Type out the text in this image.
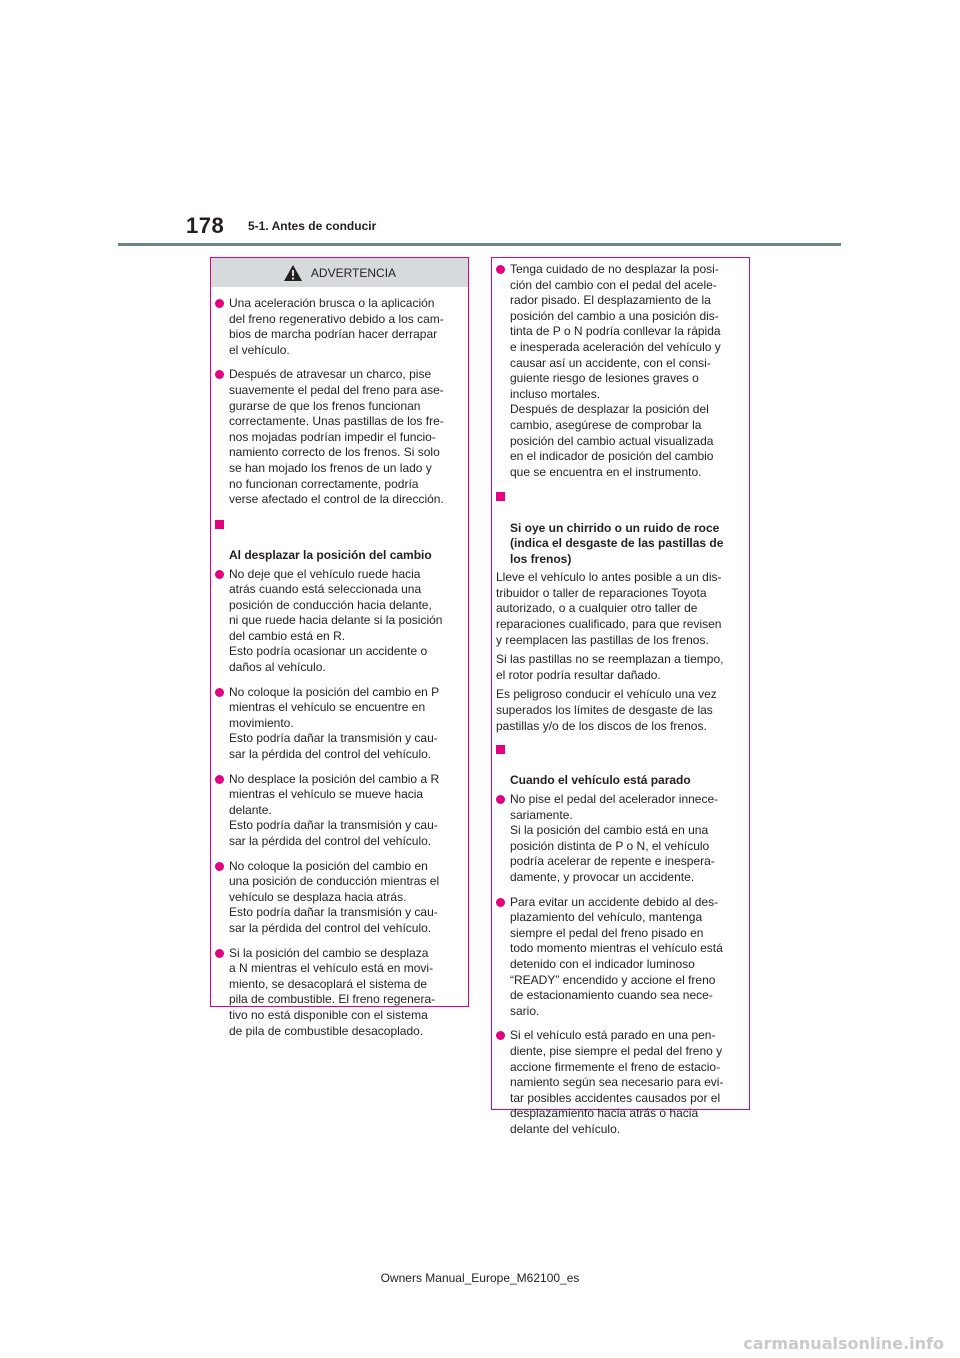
178 5-1. Antes de conducir
ADVERTENCIA
Una aceleración brusca o la aplicación
del freno regenerativo debido a los cam-
bios de marcha podrían hacer derrapar
el vehículo.
Después de atravesar un charco, pise
suavemente el pedal del freno para ase-
gurarse de que los frenos funcionan
correctamente. Unas pastillas de los fre-
nos mojadas podrían impedir el funcio-
namiento correcto de los frenos. Si solo
se han mojado los frenos de un lado y
no funcionan correctamente, podría
verse afectado el control de la dirección.

Al desplazar la posición del cambio

No deje que el vehículo ruede hacia
atrás cuando está seleccionada una
posición de conducción hacia delante,
ni que ruede hacia delante si la posición
del cambio está en R.
Esto podría ocasionar un accidente o
daños al vehículo.
No coloque la posición del cambio en P
mientras el vehículo se encuentre en
movimiento.
Esto podría dañar la transmisión y cau-
sar la pérdida del control del vehículo.
No desplace la posición del cambio a R
mientras el vehículo se mueve hacia
delante.
Esto podría dañar la transmisión y cau-
sar la pérdida del control del vehículo.
No coloque la posición del cambio en
una posición de conducción mientras el
vehículo se desplaza hacia atrás.
Esto podría dañar la transmisión y cau-
sar la pérdida del control del vehículo.
Si la posición del cambio se desplaza
a N mientras el vehículo está en movi-
miento, se desacoplará el sistema de
pila de combustible. El freno regenera-
tivo no está disponible con el sistema
de pila de combustible desacoplado.
Tenga cuidado de no desplazar la posi-
ción del cambio con el pedal del acele-
rador pisado. El desplazamiento de la
posición del cambio a una posición dis-
tinta de P o N podría conllevar la rápida
e inesperada aceleración del vehículo y
causar así un accidente, con el consi-
guiente riesgo de lesiones graves o
incluso mortales.
Después de desplazar la posición del
cambio, asegúrese de comprobar la
posición del cambio actual visualizada
en el indicador de posición del cambio
que se encuentra en el instrumento.

Si oye un chirrido o un ruido de roce
(indica el desgaste de las pastillas de
los frenos)

Lleve el vehículo lo antes posible a un dis-
tribuidor o taller de reparaciones Toyota
autorizado, o a cualquier otro taller de
reparaciones cualificado, para que revisen
y reemplacen las pastillas de los frenos.
Si las pastillas no se reemplazan a tiempo,
el rotor podría resultar dañado.
Es peligroso conducir el vehículo una vez
superados los límites de desgaste de las
pastillas y/o de los discos de los frenos.

Cuando el vehículo está parado

No pise el pedal del acelerador innece-
sariamente.
Si la posición del cambio está en una
posición distinta de P o N, el vehículo
podría acelerar de repente e inespera-
damente, y provocar un accidente.
Para evitar un accidente debido al des-
plazamiento del vehículo, mantenga
siempre el pedal del freno pisado en
todo momento mientras el vehículo está
detenido con el indicador luminoso
“READY” encendido y accione el freno
de estacionamiento cuando sea nece-
sario.
Si el vehículo está parado en una pen-
diente, pise siempre el pedal del freno y
accione firmemente el freno de estacio-
namiento según sea necesario para evi-
tar posibles accidentes causados por el
desplazamiento hacia atrás o hacia
delante del vehículo.
Owners Manual_Europe_M62100_es
carmanualsonline.info
